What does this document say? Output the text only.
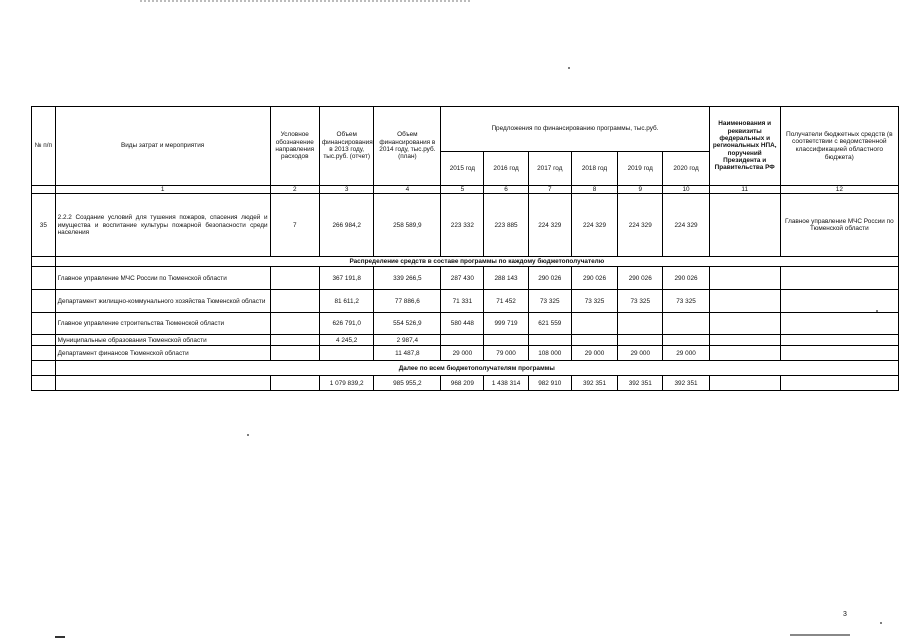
№ п/п	Виды затрат и мероприятия	Условное обозначение направления расходов	Объем финансирования в 2013 году, тыс.руб. (отчет)	Объем финансирования в 2014 году, тыс.руб. (план)	Предложения по финансированию программы, тыс.руб.						Наименования и реквизиты федеральных и региональных НПА, поручений Президента и Правительства РФ	Получатели бюджетных средств (в соответствии с ведомственной классификацией областного бюджета)
					2015 год	2016 год	2017 год	2018 год	2019 год	2020 год		
	1	2	3	4	5	6	7	8	9	10	11	12
35	2.2.2 Создание условий для тушения пожаров, спасения людей и имущества и воспитание культуры пожарной безопасности среди населения	7	266 984,2	258 589,9	223 332	223 885	224 329	224 329	224 329	224 329		Главное управление МЧС России по Тюменской области
	Распределение средств в составе программы по каждому бюджетополучателю											
	Главное управление МЧС России по Тюменской области		367 191,8	339 266,5	287 430	288 143	290 026	290 026	290 026	290 026		
	Департамент жилищно-коммунального хозяйства Тюменской области		81 611,2	77 886,6	71 331	71 452	73 325	73 325	73 325	73 325		
	Главное управление строительства Тюменской области		626 791,0	554 526,9	580 448	999 719	621 559					
	Муниципальные образования Тюменской области		4 245,2	2 987,4								
	Департамент финансов Тюменской области			11 487,8	29 000	79 000	108 000	29 000	29 000	29 000		
	Далее по всем бюджетополучателям программы											
			1 079 839,2	985 955,2	968 209	1 438 314	982 910	392 351	392 351	392 351		
3
